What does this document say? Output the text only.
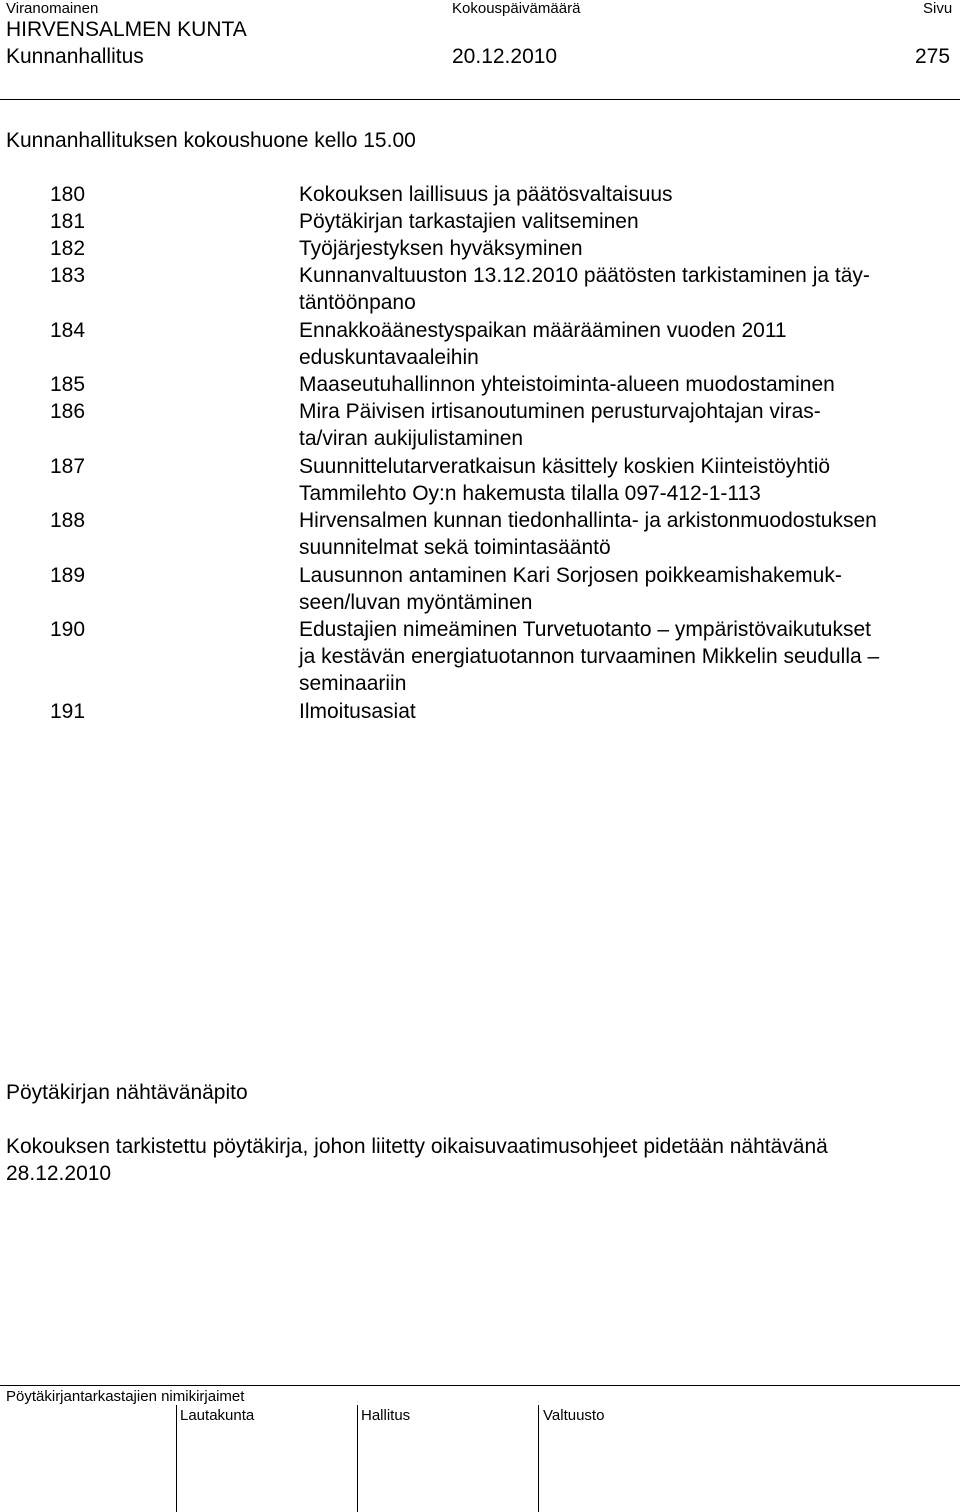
Viranomainen	Kokouspäivämäärä	Sivu
HIRVENSALMEN KUNTA
Kunnanhallitus	20.12.2010	275
Kunnanhallituksen kokoushuone kello 15.00
180	Kokouksen laillisuus ja päätösvaltaisuus
181	Pöytäkirjan tarkastajien valitseminen
182	Työjärjestyksen hyväksyminen
183	Kunnanvaltuuston 13.12.2010 päätösten tarkistaminen ja täy-
täntöönpano
184	Ennakkoäänestyspaikan määrääminen vuoden 2011
eduskuntavaaleihin
185	Maaseutuhallinnon yhteistoiminta-alueen muodostaminen
186	Mira Päivisen irtisanoutuminen perusturvajohtajan viras-
ta/viran aukijulistaminen
187	Suunnittelutarveratkaisun käsittely koskien Kiinteistöyhtiö
Tammilehto Oy:n hakemusta tilalla 097-412-1-113
188	Hirvensalmen kunnan tiedonhallinta- ja arkistonmuodostuksen
suunnitelmat sekä toimintasääntö
189	Lausunnon antaminen Kari Sorjosen poikkeamishakemuk-
seen/luvan myöntäminen
190	Edustajien nimeäminen Turvetuotanto – ympäristövaikutukset
ja kestävän energiatuotannon turvaaminen Mikkelin seudulla –
seminaariin
191	Ilmoitusasiat
Pöytäkirjan nähtävänäpito
Kokouksen tarkistettu pöytäkirja, johon liitetty oikaisuvaatimusohjeet pidetään nähtävänä
28.12.2010
Pöytäkirjantarkastajien nimikirjaimet
Lautakunta	Hallitus	Valtuusto
